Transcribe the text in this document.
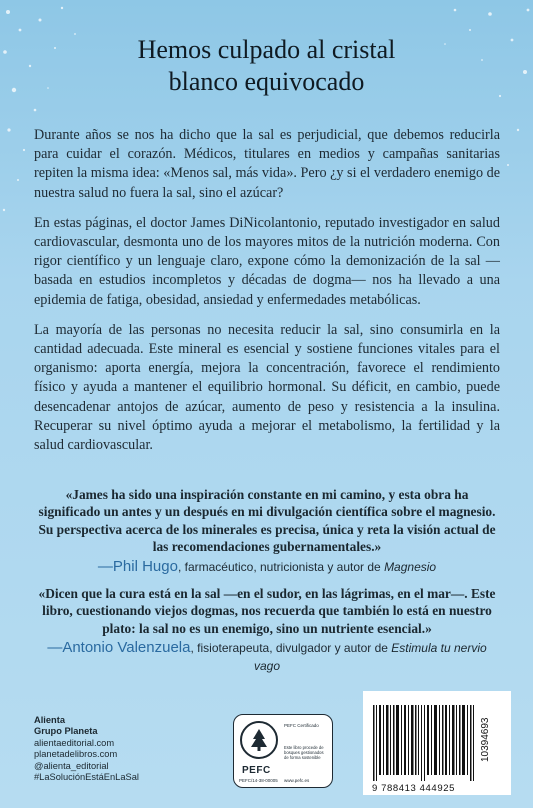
Hemos culpado al cristal
blanco equivocado

Durante años se nos ha dicho que la sal es perjudicial, que debemos reducirla para cuidar el corazón. Médicos, titulares en medios y campañas sanitarias repiten la misma idea: «Menos sal, más vida». Pero ¿y si el verdadero enemigo de nuestra salud no fuera la sal, sino el azúcar?

En estas páginas, el doctor James DiNicolantonio, reputado investigador en salud cardiovascular, desmonta uno de los mayores mitos de la nutrición moderna. Con rigor científico y un lenguaje claro, expone cómo la demonización de la sal —basada en estudios incompletos y décadas de dogma— nos ha llevado a una epidemia de fatiga, obesidad, ansiedad y enfermedades metabólicas.

La mayoría de las personas no necesita reducir la sal, sino consumirla en la cantidad adecuada. Este mineral es esencial y sostiene funciones vitales para el organismo: aporta energía, mejora la concentración, favorece el rendimiento físico y ayuda a mantener el equilibrio hormonal. Su déficit, en cambio, puede desencadenar antojos de azúcar, aumento de peso y resistencia a la insulina. Recuperar su nivel óptimo ayuda a mejorar el metabolismo, la fertilidad y la salud cardiovascular.

«James ha sido una inspiración constante en mi camino, y esta obra ha significado un antes y un después en mi divulgación científica sobre el magnesio. Su perspectiva acerca de los minerales es precisa, única y reta la visión actual de las recomendaciones gubernamentales.»
—Phil Hugo, farmacéutico, nutricionista y autor de Magnesio
«Dicen que la cura está en la sal —en el sudor, en las lágrimas, en el mar—. Este libro, cuestionando viejos dogmas, nos recuerda que también lo está en nuestro plato: la sal no es un enemigo, sino un nutriente esencial.»
—Antonio Valenzuela, fisioterapeuta, divulgador y autor de Estimula tu nervio vago
Alienta
Grupo Planeta
alientaeditorial.com
planetadelibros.com
@alienta_editorial
#LaSoluciónEstáEnLaSal
PEFC
PEFC/14-38-00005
PEFC Certificado
Este libro procede de bosques gestionados de forma sostenible
www.pefc.es
10394693
9 788413 444925
